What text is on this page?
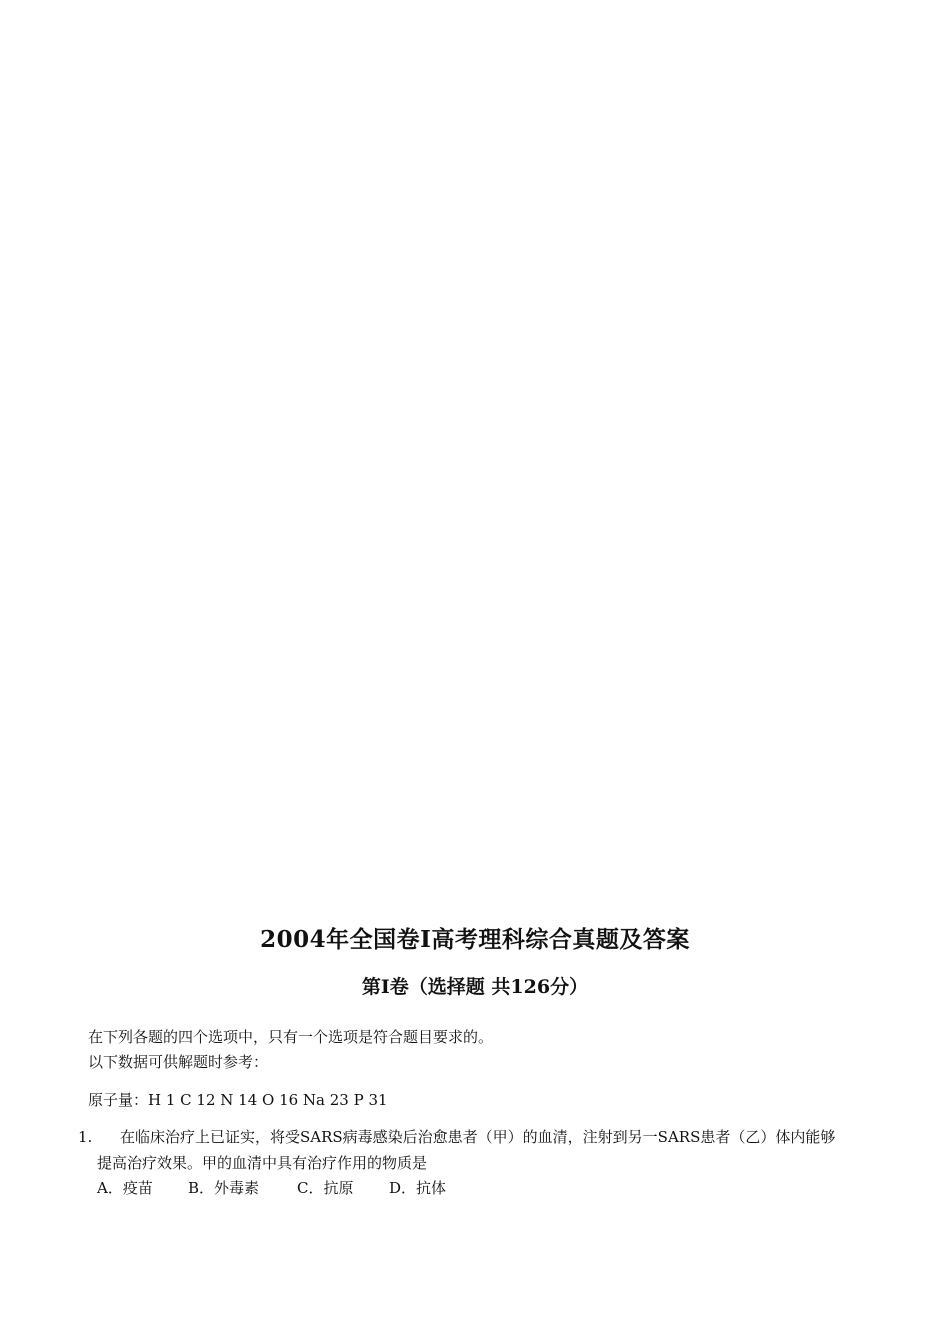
2004年全国卷Ⅰ高考理科综合真题及答案
第Ⅰ卷（选择题 共126分）
在下列各题的四个选项中，只有一个选项是符合题目要求的。
以下数据可供解题时参考：
原子量：H 1 C 12 N 14 O 16 Na 23 P 31
1. 在临床治疗上已证实，将受SARS病毒感染后治愈患者（甲）的血清，注射到另一SARS患者（乙）体内能够
提高治疗效果。甲的血清中具有治疗作用的物质是
A．疫苗	B．外毒素	C．抗原	D．抗体
